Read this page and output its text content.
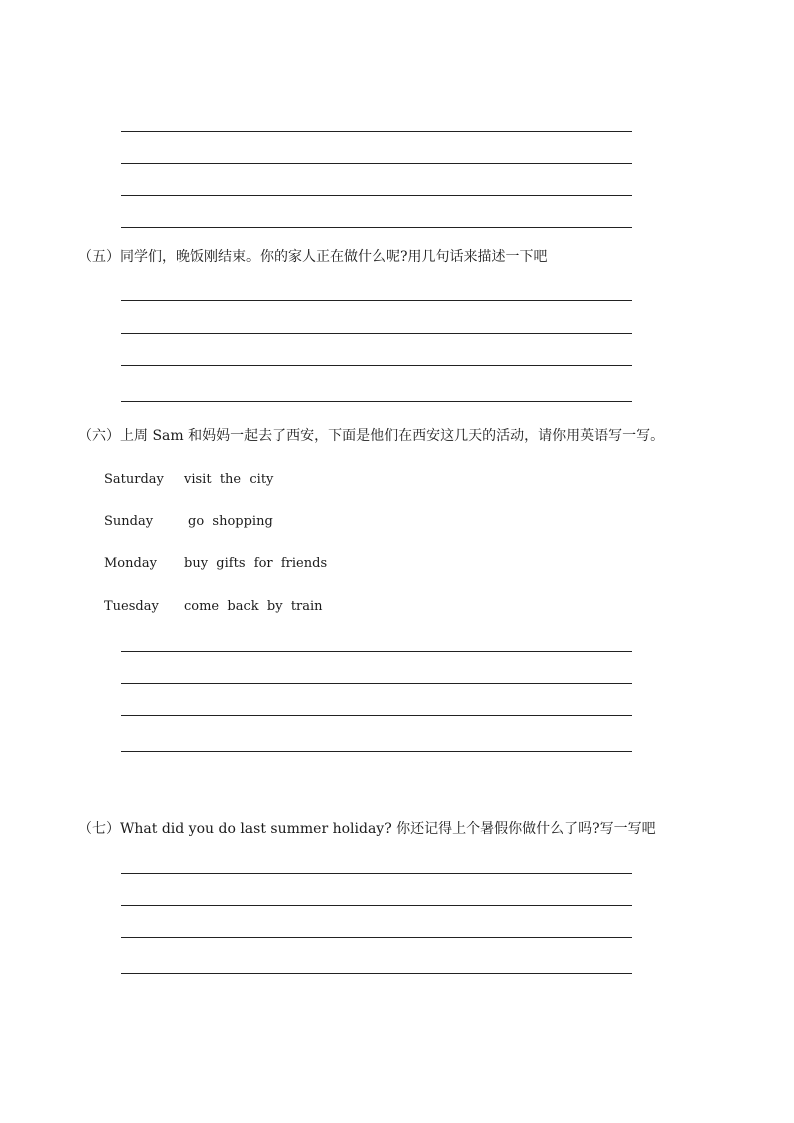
（五）同学们，晚饭刚结束。你的家人正在做什么呢?用几句话来描述一下吧
（六）上周 Sam 和妈妈一起去了西安，下面是他们在西安这几天的活动，请你用英语写一写。
Saturday visit  the  city
Sunday	go  shopping
Monday buy  gifts  for  friends
Tuesday come  back  by  train
（七）What did you do last summer holiday? 你还记得上个暑假你做什么了吗?写一写吧
